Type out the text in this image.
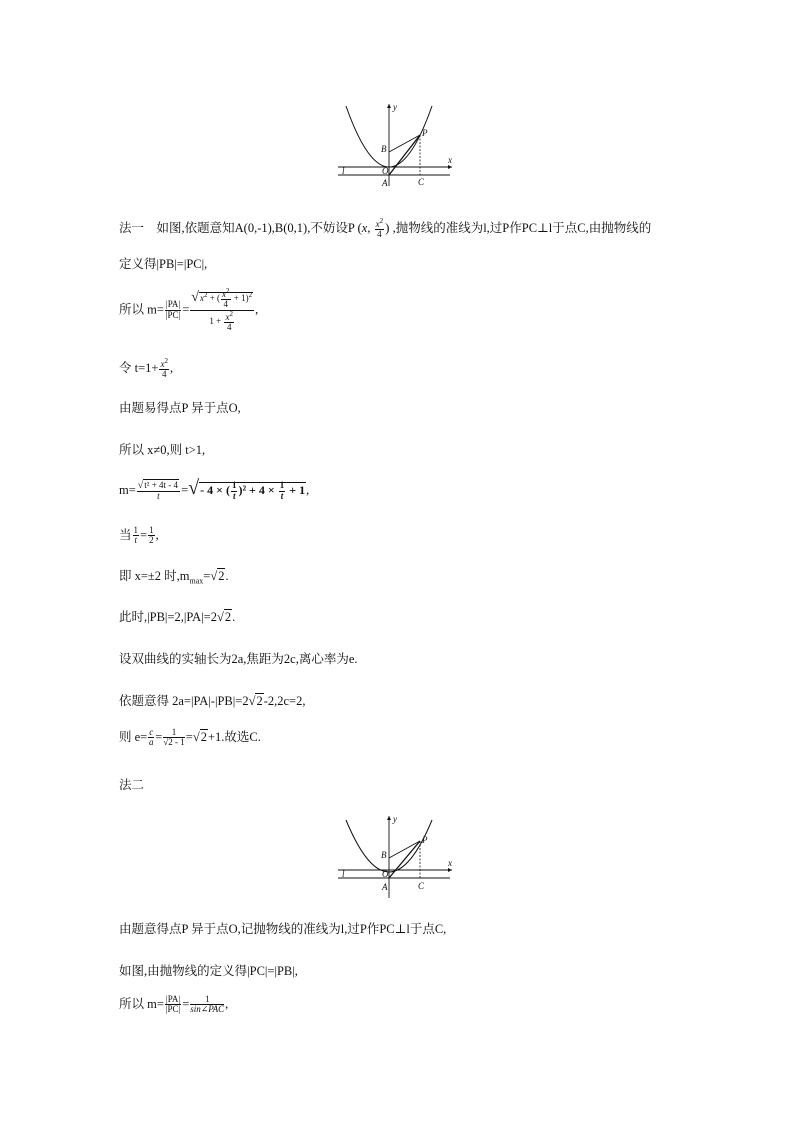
y
x
P
B
O
A	C
l
法一 如图,依题意知A(0,-1),B(0,1),不妨设P (x, $\frac{x^2}{4}$ ) ,抛物线的准线为l,过P作PC⊥l于点C,由抛物线的
定义得|PB|=|PC|,
所以 $m= \frac{|PA|}{|PC|} = \frac{√x^2 + ( \frac{x^2}{4} + 1)^2}{1 + \frac{x^2}{4}}$ ,
令 $t=1+ \frac{x^2}{4}$ ,
由题易得点P 异于点O,
所以 x≠0,则 t>1,
$m= \frac{\text{√t² + 4t - 4}}{t}$ =√- 4 × ( $\frac{1}{t} )^2 + 4 \times \frac{1}{t} + 1$,
当 $\frac{1}{t} = \frac{1}{2}$ ,
即 x=±2 时$,m_{max}=√2$.
此时,|PB|=2,|PA|=2√2.
设双曲线的实轴长为2a,焦距为2c,离心率为e.
依题意得 2a=|PA|-|PB|=2√2-2,2c=2,
则 $e= \frac{c}{a} = \frac{1}{√2 - 1} =√2+1$.故选C.
法二
y
x
P
B
O
A	C
l
由题意得点P 异于点O,记抛物线的准线为l,过P作PC⊥l于点C,
如图,由抛物线的定义得|PC|=|PB|,
所以 $m= \frac{|PA|}{|PC|} = \frac{1}{\text{sin∠PAC}}$ ,
